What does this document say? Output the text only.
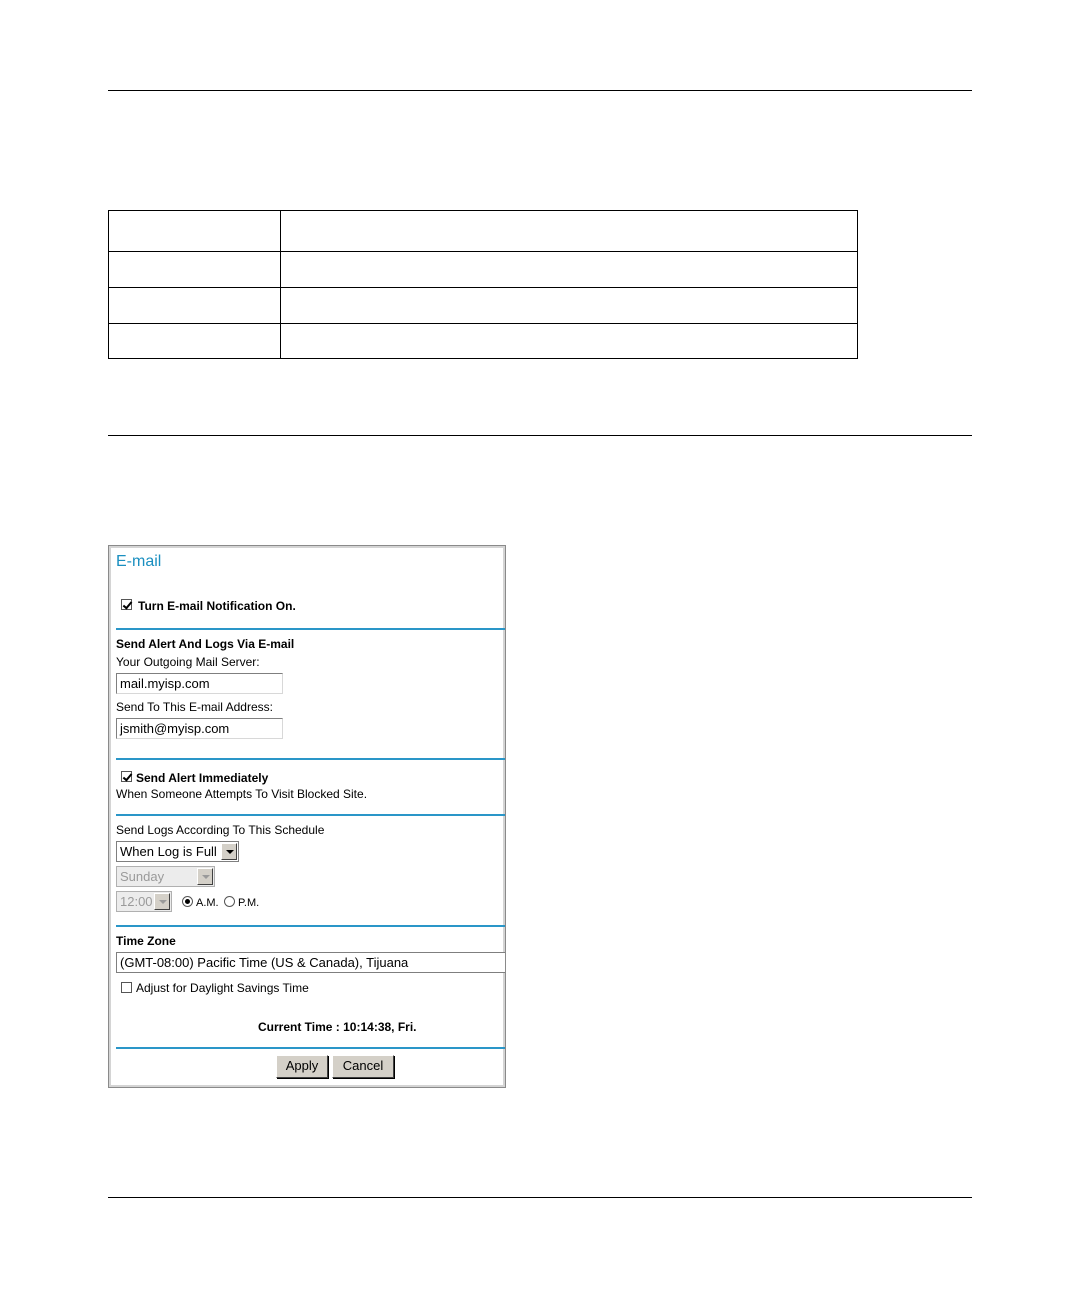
E-mail
Turn E-mail Notification On.
Send Alert And Logs Via E-mail
Your Outgoing Mail Server:
mail.myisp.com
Send To This E-mail Address:
jsmith@myisp.com
Send Alert Immediately
When Someone Attempts To Visit Blocked Site.
Send Logs According To This Schedule
When Log is Full
Sunday
12:00	A.M. P.M.
Time Zone
(GMT-08:00) Pacific Time (US & Canada), Tijuana
Adjust for Daylight Savings Time
Current Time : 10:14:38, Fri.
Apply	Cancel
